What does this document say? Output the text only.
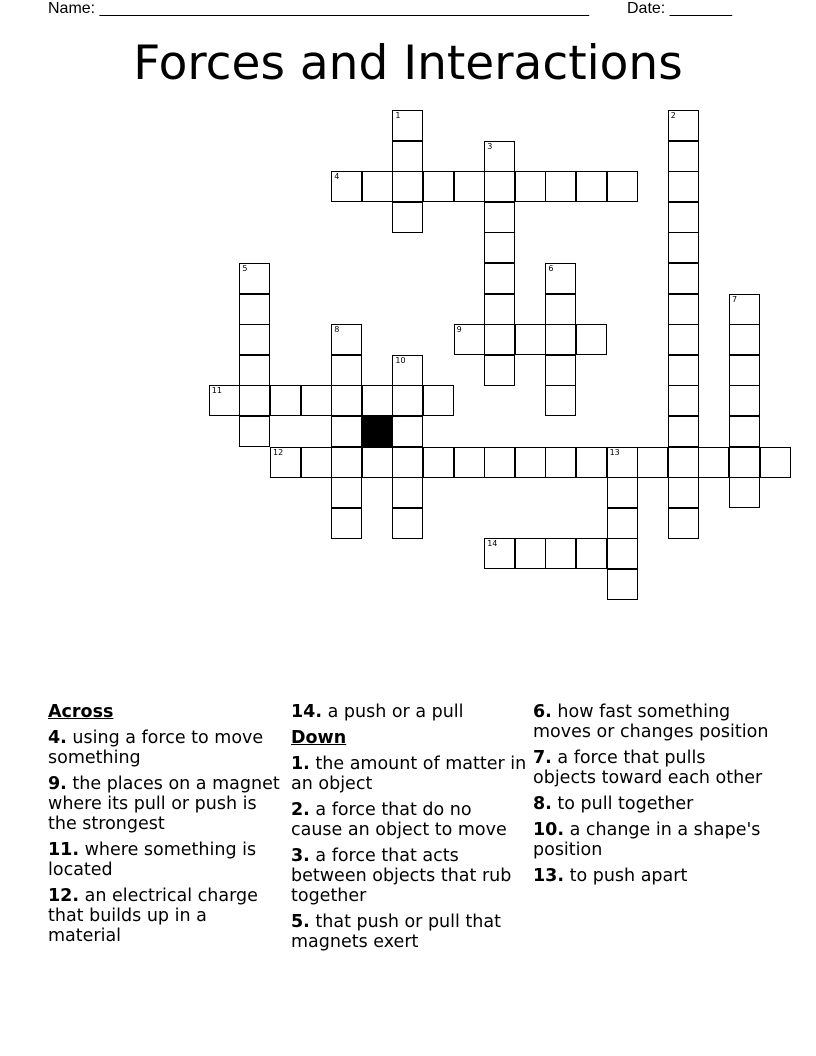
Name: _______________________________________________________ Date: _______
Forces and Interactions
1	2
3
4
5	6
7
8	9
10
11
12	13
14
Across
4. using a force to move something
9. the places on a magnet where its pull or push is the strongest
11. where something is located
12. an electrical charge that builds up in a material
14. a push or a pull
Down
1. the amount of matter in an object
2. a force that do no cause an object to move
3. a force that acts between objects that rub together
5. that push or pull that magnets exert
6. how fast something moves or changes position
7. a force that pulls objects toward each other
8. to pull together
10. a change in a shape's position
13. to push apart
